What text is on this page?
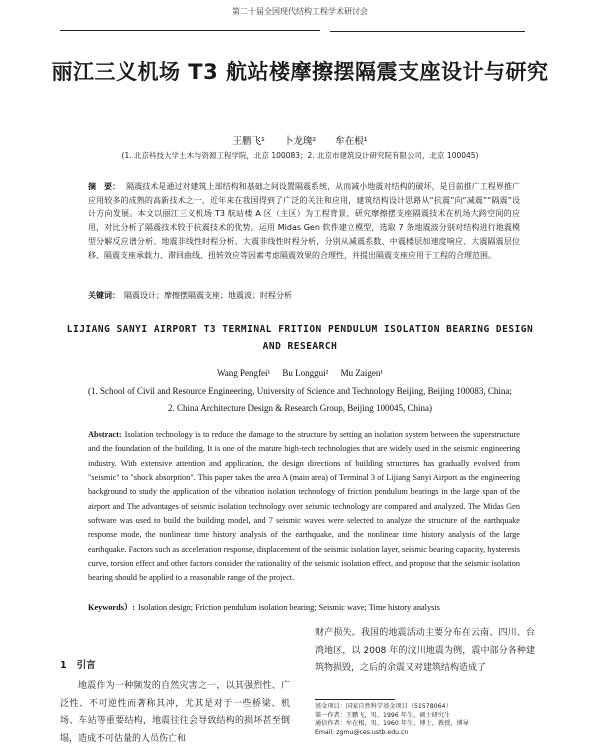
第二十届全国现代结构工程学术研讨会
丽江三义机场 T3 航站楼摩擦摆隔震支座设计与研究
王鹏飞¹ 卜龙瑰² 牟在根¹
(1. 北京科技大学土木与资源工程学院，北京 100083；2. 北京市建筑设计研究院有限公司，北京 100045)
摘　要： 隔震技术是通过对建筑上部结构和基础之间设置隔震系统，从而减小地震对结构的破坏，是目前推广工程界推广应用较多的成熟的高新技术之一，近年来在我国得到了广泛的关注和应用，建筑结构设计思路从“抗震”向“减震”“隔震”设计方向发展。本文以丽江三义机场 T3 航站楼 A 区（主区）为工程背景，研究摩擦摆支座隔震技术在机场大跨空间的应用，对比分析了隔震技术较于抗震技术的优势。运用 Midas Gen 软件建立模型，选取 7 条地震波分别对结构进行地震模型分解反应谱分析、地震非线性时程分析、大震非线性时程分析，分别从减震系数、中震楼层加速度响应、大震隔震层位移、隔震支座承载力、滞回曲线、扭转效应等因素考虑隔震效果的合理性，并提出隔震支座应用于工程的合理范围。
关键词： 隔震设计；摩擦摆隔震支座；地震波；时程分析
LIJIANG SANYI AIRPORT T3 TERMINAL FRITION PENDULUM ISOLATION BEARING DESIGN AND RESEARCH
Wang Pengfei¹ Bu Longgui² Mu Zaigen¹
(1. School of Civil and Resource Engineering, University of Science and Technology Beijing, Beijing 100083, China;
2. China Architecture Design & Research Group, Beijing 100045, China)
Abstract: Isolation technology is to reduce the damage to the structure by setting an isolation system between the superstructure and the foundation of the building. It is one of the mature high-tech technologies that are widely used in the seismic engineering industry. With extensive attention and application, the design directions of building structures has gradually evolved from "seismic" to "shock absorption". This paper takes the area A (main area) of Terminal 3 of Lijiang Sanyi Airport as the engineering background to study the application of the vibration isolation technology of friction pendulum bearings in the large span of the airport and The advantages of seismic isolation technology over seismic technology are compared and analyzed. The Midas Gen software was used to build the building model, and 7 seismic waves were selected to analyze the structure of the earthquake response mode, the nonlinear time history analysis of the earthquake, and the nonlinear time history analysis of the large earthquake. Factors such as acceleration response, displacement of the seismic isolation layer, seismic bearing capacity, hysteresis curve, torsion effect and other factors consider the rationality of the seismic isolation effect, and propose that the seismic isolation bearing should be applied to a reasonable range of the project.
Keywords）: Isolation design; Friction pendulum isolation bearing; Seismic wave; Time history analysis
1 引言
地震作为一种频发的自然灾害之一，以其强烈性、广泛性、不可逆性而著称其冲，尤其是对于一些桥梁、机场、车站等重要结构，地震往往会导致结构的损坏甚至倒塌，造成不可估量的人员伤亡和
财产损失。我国的地震活动主要分布在云南、四川、台湾地区，以 2008 年的汶川地震为例，震中部分各种建筑物损毁，之后的余震又对建筑结构造成了
基金项目：国家自然科学基金项目（51578064）
第一作者：王鹏飞，男，1996 年生，硕士研究生
通信作者：牟在根，男，1960 年生，博士，教授，博导
Email: zgmu@ces.ustb.edu.cn
